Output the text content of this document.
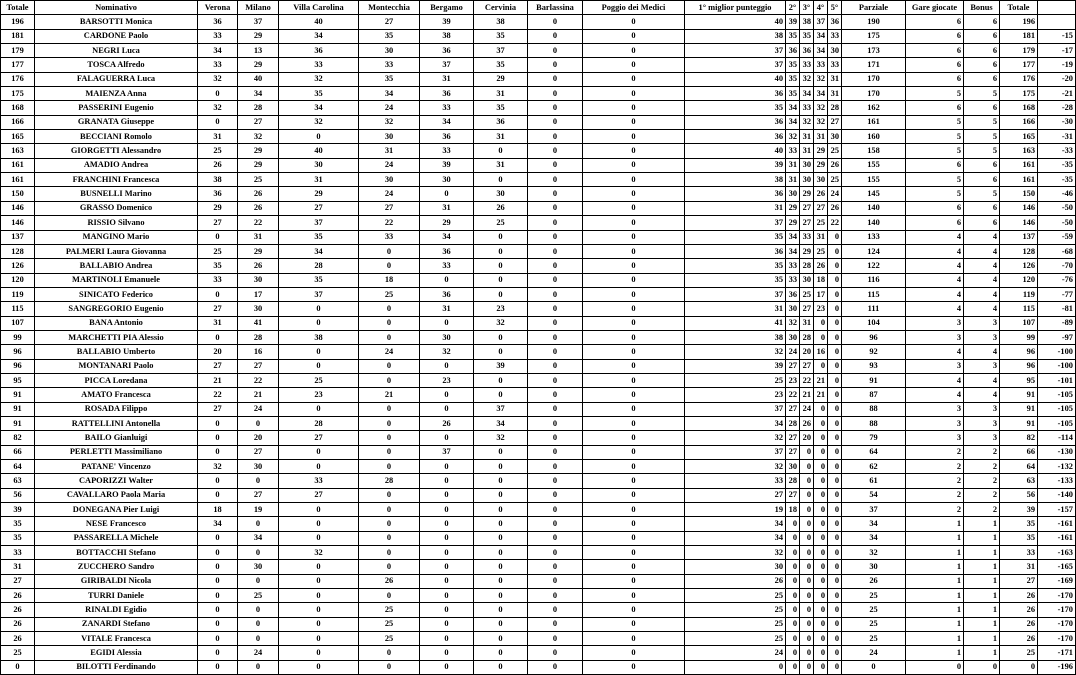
Totale	Nominativo	Verona	Milano	Villa Carolina	Montecchia	Bergamo	Cervinia	Barlassina	Poggio dei Medici	1° miglior punteggio	2°	3°	4°	5°	Parziale	Gare giocate	Bonus	Totale	
196	BARSOTTI Monica	36	37	40	27	39	38	0	0	40	39	38	37	36	190	6	6	196	
181	CARDONE Paolo	33	29	34	35	38	35	0	0	38	35	35	34	33	175	6	6	181	-15
179	NEGRI Luca	34	13	36	30	36	37	0	0	37	36	36	34	30	173	6	6	179	-17
177	TOSCA Alfredo	33	29	33	33	37	35	0	0	37	35	33	33	33	171	6	6	177	-19
176	FALAGUERRA Luca	32	40	32	35	31	29	0	0	40	35	32	32	31	170	6	6	176	-20
175	MAIENZA Anna	0	34	35	34	36	31	0	0	36	35	34	34	31	170	5	5	175	-21
168	PASSERINI Eugenio	32	28	34	24	33	35	0	0	35	34	33	32	28	162	6	6	168	-28
166	GRANATA Giuseppe	0	27	32	32	34	36	0	0	36	34	32	32	27	161	5	5	166	-30
165	BECCIANI Romolo	31	32	0	30	36	31	0	0	36	32	31	31	30	160	5	5	165	-31
163	GIORGETTI Alessandro	25	29	40	31	33	0	0	0	40	33	31	29	25	158	5	5	163	-33
161	AMADIO Andrea	26	29	30	24	39	31	0	0	39	31	30	29	26	155	6	6	161	-35
161	FRANCHINI Francesca	38	25	31	30	30	0	0	0	38	31	30	30	25	155	5	6	161	-35
150	BUSNELLI Marino	36	26	29	24	0	30	0	0	36	30	29	26	24	145	5	5	150	-46
146	GRASSO Domenico	29	26	27	27	31	26	0	0	31	29	27	27	26	140	6	6	146	-50
146	RISSIO Silvano	27	22	37	22	29	25	0	0	37	29	27	25	22	140	6	6	146	-50
137	MANGINO Mario	0	31	35	33	34	0	0	0	35	34	33	31	0	133	4	4	137	-59
128	PALMERI Laura Giovanna	25	29	34	0	36	0	0	0	36	34	29	25	0	124	4	4	128	-68
126	BALLABIO Andrea	35	26	28	0	33	0	0	0	35	33	28	26	0	122	4	4	126	-70
120	MARTINOLI Emanuele	33	30	35	18	0	0	0	0	35	33	30	18	0	116	4	4	120	-76
119	SINICATO Federico	0	17	37	25	36	0	0	0	37	36	25	17	0	115	4	4	119	-77
115	SANGREGORIO Eugenio	27	30	0	0	31	23	0	0	31	30	27	23	0	111	4	4	115	-81
107	BANA Antonio	31	41	0	0	0	32	0	0	41	32	31	0	0	104	3	3	107	-89
99	MARCHETTI PIA Alessio	0	28	38	0	30	0	0	0	38	30	28	0	0	96	3	3	99	-97
96	BALLABIO Umberto	20	16	0	24	32	0	0	0	32	24	20	16	0	92	4	4	96	-100
96	MONTANARI Paolo	27	27	0	0	0	39	0	0	39	27	27	0	0	93	3	3	96	-100
95	PICCA Loredana	21	22	25	0	23	0	0	0	25	23	22	21	0	91	4	4	95	-101
91	AMATO Francesca	22	21	23	21	0	0	0	0	23	22	21	21	0	87	4	4	91	-105
91	ROSADA Filippo	27	24	0	0	0	37	0	0	37	27	24	0	0	88	3	3	91	-105
91	RATTELLINI Antonella	0	0	28	0	26	34	0	0	34	28	26	0	0	88	3	3	91	-105
82	BAILO Gianluigi	0	20	27	0	0	32	0	0	32	27	20	0	0	79	3	3	82	-114
66	PERLETTI Massimiliano	0	27	0	0	37	0	0	0	37	27	0	0	0	64	2	2	66	-130
64	PATANE' Vincenzo	32	30	0	0	0	0	0	0	32	30	0	0	0	62	2	2	64	-132
63	CAPORIZZI Walter	0	0	33	28	0	0	0	0	33	28	0	0	0	61	2	2	63	-133
56	CAVALLARO Paola Maria	0	27	27	0	0	0	0	0	27	27	0	0	0	54	2	2	56	-140
39	DONEGANA Pier Luigi	18	19	0	0	0	0	0	0	19	18	0	0	0	37	2	2	39	-157
35	NESE Francesco	34	0	0	0	0	0	0	0	34	0	0	0	0	34	1	1	35	-161
35	PASSARELLA Michele	0	34	0	0	0	0	0	0	34	0	0	0	0	34	1	1	35	-161
33	BOTTACCHI Stefano	0	0	32	0	0	0	0	0	32	0	0	0	0	32	1	1	33	-163
31	ZUCCHERO Sandro	0	30	0	0	0	0	0	0	30	0	0	0	0	30	1	1	31	-165
27	GIRIBALDI Nicola	0	0	0	26	0	0	0	0	26	0	0	0	0	26	1	1	27	-169
26	TURRI Daniele	0	25	0	0	0	0	0	0	25	0	0	0	0	25	1	1	26	-170
26	RINALDI Egidio	0	0	0	25	0	0	0	0	25	0	0	0	0	25	1	1	26	-170
26	ZANARDI Stefano	0	0	0	25	0	0	0	0	25	0	0	0	0	25	1	1	26	-170
26	VITALE Francesca	0	0	0	25	0	0	0	0	25	0	0	0	0	25	1	1	26	-170
25	EGIDI Alessia	0	24	0	0	0	0	0	0	24	0	0	0	0	24	1	1	25	-171
0	BILOTTI Ferdinando	0	0	0	0	0	0	0	0	0	0	0	0	0	0	0	0	0	-196
